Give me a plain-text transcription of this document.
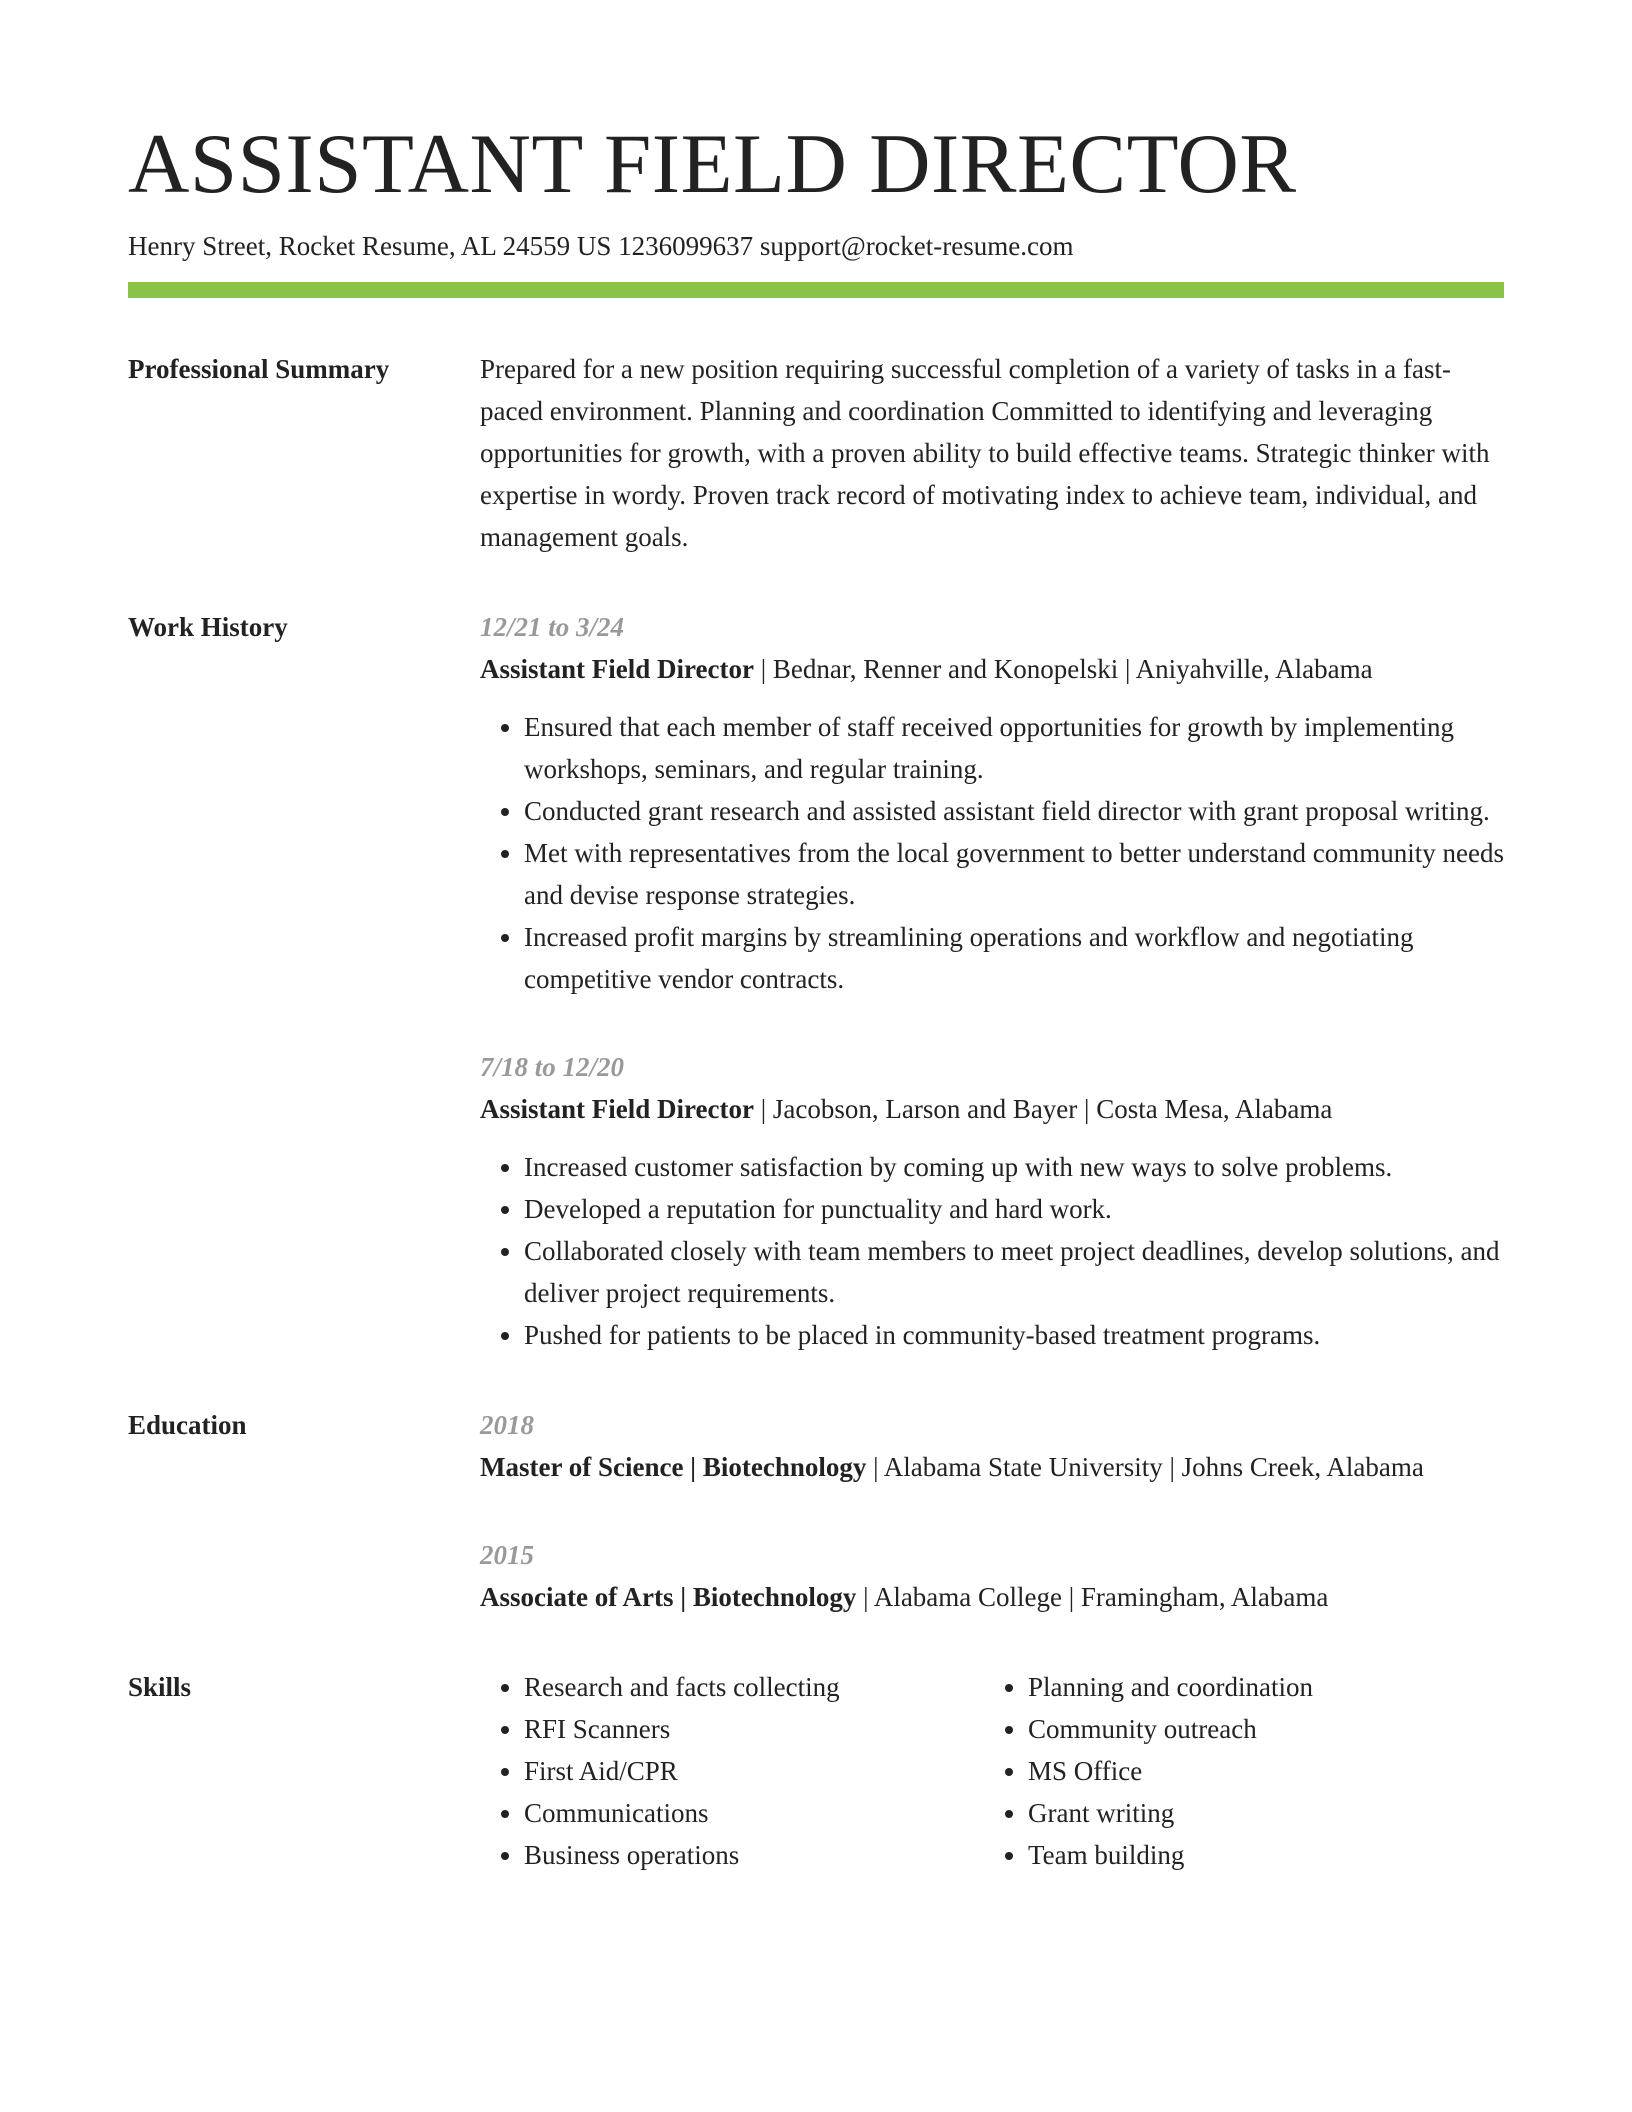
ASSISTANT FIELD DIRECTOR
Henry Street, Rocket Resume, AL 24559 US 1236099637 support@rocket-resume.com
Professional Summary	Prepared for a new position requiring successful completion of a variety of tasks in a fast-paced environment. Planning and coordination Committed to identifying and leveraging opportunities for growth, with a proven ability to build effective teams. Strategic thinker with expertise in wordy. Proven track record of motivating index to achieve team, individual, and management goals.

Work History	12/21 to 3/24
Assistant Field Director | Bednar, Renner and Konopelski | Aniyahville, Alabama
• Ensured that each member of staff received opportunities for growth by implementing workshops, seminars, and regular training.
• Conducted grant research and assisted assistant field director with grant proposal writing.
• Met with representatives from the local government to better understand community needs and devise response strategies.
• Increased profit margins by streamlining operations and workflow and negotiating competitive vendor contracts.
7/18 to 12/20
Assistant Field Director | Jacobson, Larson and Bayer | Costa Mesa, Alabama
• Increased customer satisfaction by coming up with new ways to solve problems.
• Developed a reputation for punctuality and hard work.
• Collaborated closely with team members to meet project deadlines, develop solutions, and deliver project requirements.
• Pushed for patients to be placed in community-based treatment programs.
Education	2018
Master of Science | Biotechnology | Alabama State University | Johns Creek, Alabama
2015
Associate of Arts | Biotechnology | Alabama College | Framingham, Alabama
Skills
•	Research and facts collecting
• RFI Scanners
• First Aid/CPR
• Communications
• Business operations
• Planning and coordination
• Community outreach
• MS Office
• Grant writing
• Team building
